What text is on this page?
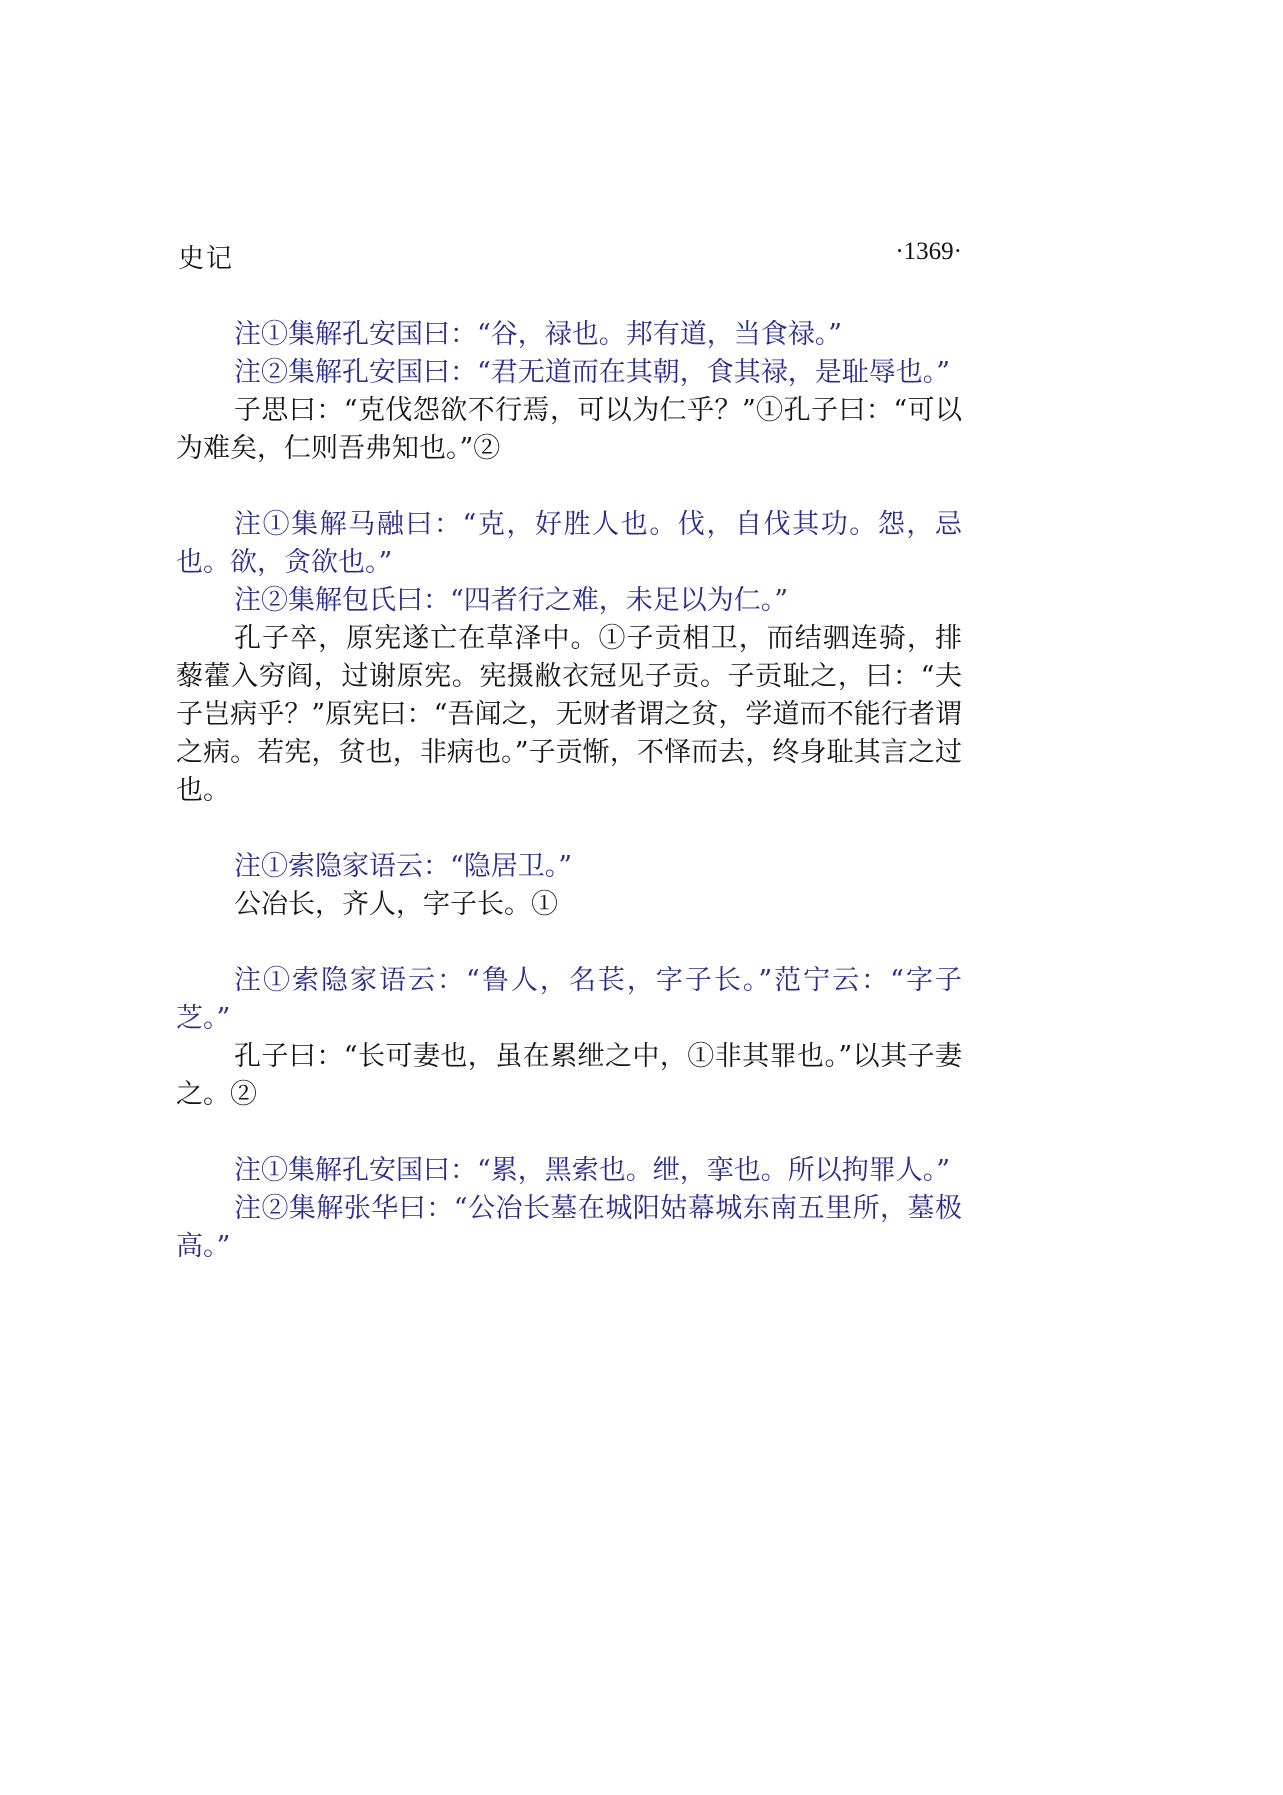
史记	·1369·

注①集解孔安国曰：“谷，禄也。邦有道，当食禄。”

注②集解孔安国曰：“君无道而在其朝，食其禄，是耻辱也。”

子思曰：“克伐怨欲不行焉，可以为仁乎？”①孔子曰：“可以为难矣，仁则吾弗知也。”②

注①集解马融曰：“克，好胜人也。伐，自伐其功。怨，忌也。欲，贪欲也。”

注②集解包氏曰：“四者行之难，未足以为仁。”

孔子卒，原宪遂亡在草泽中。①子贡相卫，而结驷连骑，排藜藿入穷阎，过谢原宪。宪摄敝衣冠见子贡。子贡耻之，曰：“夫子岂病乎？”原宪曰：“吾闻之，无财者谓之贫，学道而不能行者谓之病。若宪，贫也，非病也。”子贡惭，不怿而去，终身耻其言之过也。

注①索隐家语云：“隐居卫。”

公冶长，齐人，字子长。①

注①索隐家语云：“鲁人，名苌，字子长。”范宁云：“字子芝。”

孔子曰：“长可妻也，虽在累绁之中，①非其罪也。”以其子妻之。②

注①集解孔安国曰：“累，黑索也。绁，挛也。所以拘罪人。”

注②集解张华曰：“公冶长墓在城阳姑幕城东南五里所，墓极高。”
